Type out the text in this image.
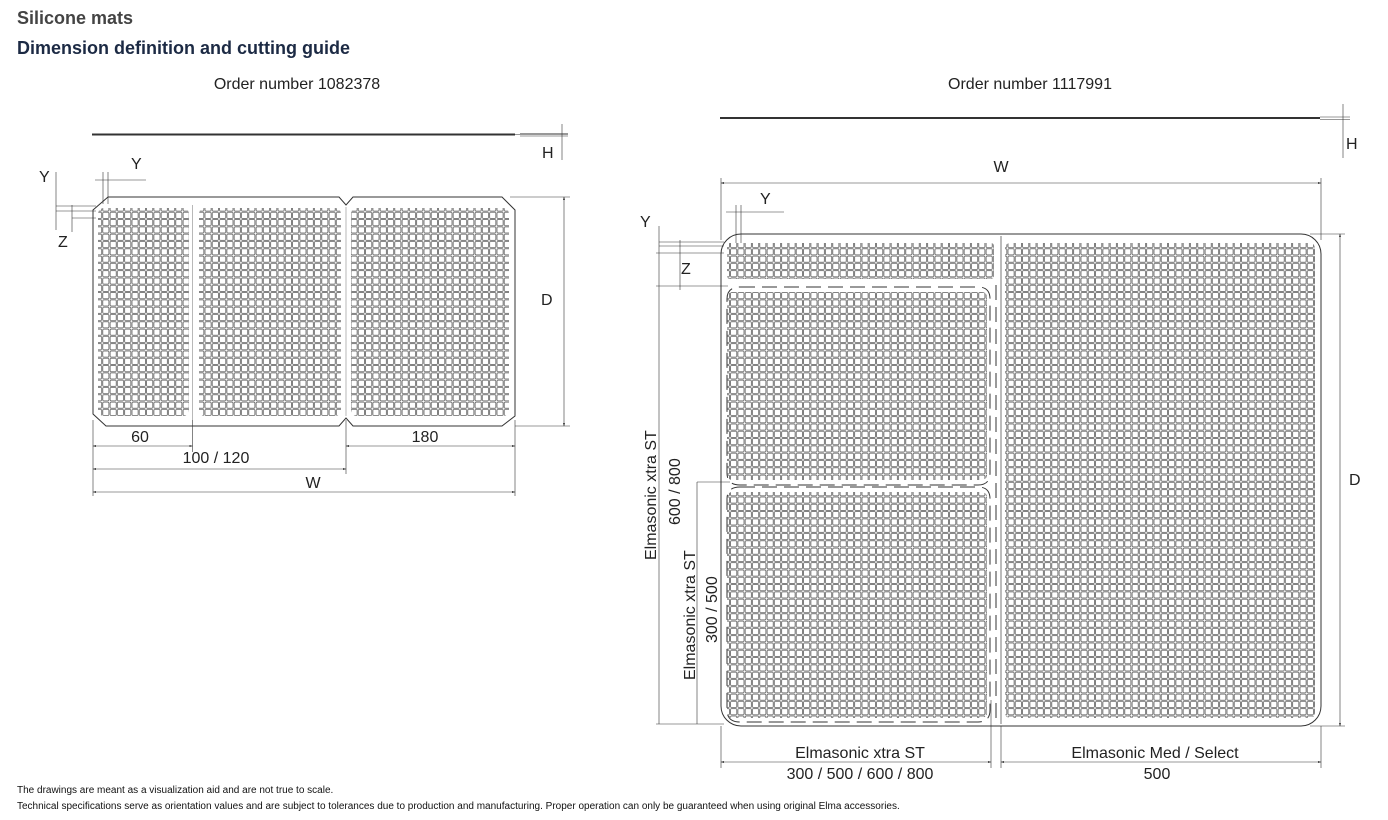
Silicone mats
Dimension definition and cutting guide
Order number 1082378
H
Y
Z
Y
D
60
100 / 120
180
W
Order number 1117991
H
W
Y
Z
Y
D
Elmasonic xtra ST 600 / 800
Elmasonic xtra ST 300 / 500
Elmasonic xtra ST
300 / 500 / 600 / 800
Elmasonic Med / Select
500
The drawings are meant as a visualization aid and are not true to scale.
Technical specifications serve as orientation values and are subject to tolerances due to production and manufacturing. Proper operation can only be guaranteed when using original Elma accessories.
